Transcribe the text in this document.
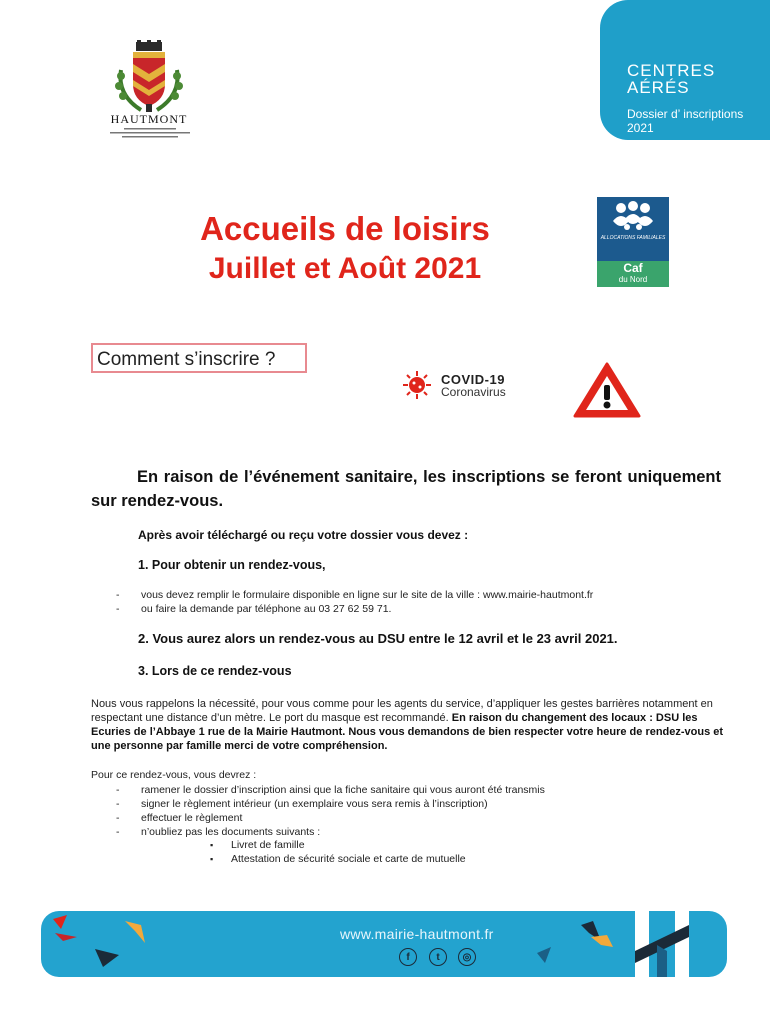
CENTRES AÉRÉS
Dossier d’ inscriptions 2021
HAUTMONT
Accueils de loisirs
Juillet et Août 2021
ALLOCATIONS FAMILIALES
Caf
du Nord
Comment s’inscrire ?
COVID-19
Coronavirus
En raison de l’événement sanitaire, les inscriptions se feront uniquement sur rendez-vous.
Après avoir téléchargé ou reçu votre dossier vous devez :
1. Pour obtenir un rendez-vous,
- vous devez remplir le formulaire disponible en ligne sur le site de la ville : www.mairie-hautmont.fr
- ou faire la demande par téléphone au 03 27 62 59 71.
2. Vous aurez alors un rendez-vous au DSU entre le 12 avril et le 23 avril 2021.
3. Lors de ce rendez-vous
Nous vous rappelons la nécessité, pour vous comme pour les agents du service, d’appliquer les gestes barrières notamment en respectant une distance d’un mètre. Le port du masque est recommandé. En raison du changement des locaux : DSU les Ecuries de l’Abbaye 1 rue de la Mairie Hautmont. Nous vous demandons de bien respecter votre heure de rendez-vous et une personne par famille merci de votre compréhension.
Pour ce rendez-vous, vous devrez :
- ramener le dossier d’inscription ainsi que la fiche sanitaire qui vous auront été transmis
- signer le règlement intérieur (un exemplaire vous sera remis à l’inscription)
- effectuer le règlement
- n’oubliez pas les documents suivants :
▪ Livret de famille
▪ Attestation de sécurité sociale et carte de mutuelle
www.mairie-hautmont.fr
f	t	◎
